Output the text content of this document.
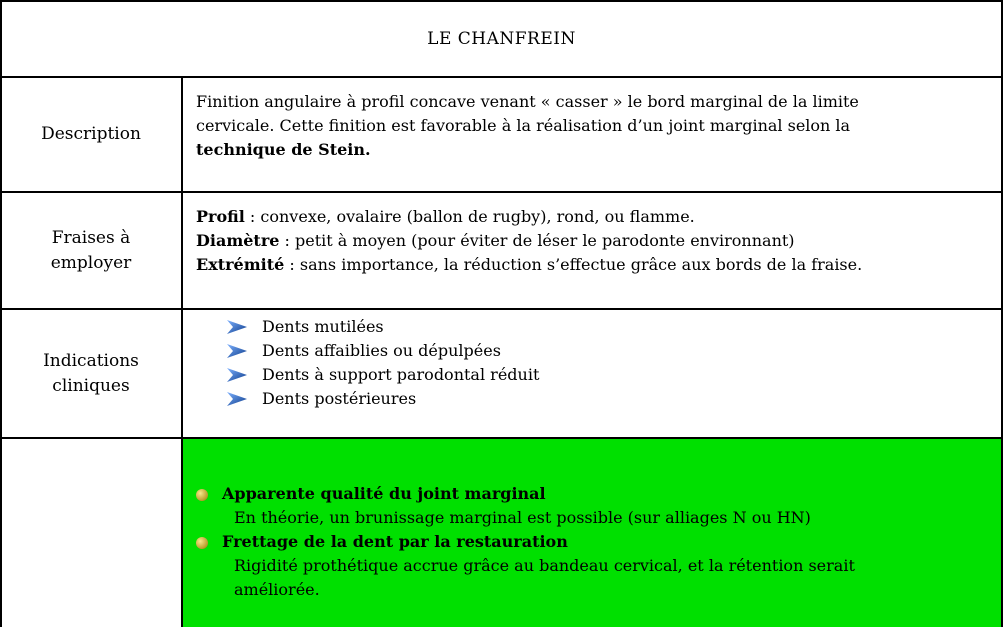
LE CHANFREIN
Description
Finition angulaire à profil concave venant « casser » le bord marginal de la limite
cervicale. Cette finition est favorable à la réalisation d’un joint marginal selon la
technique de Stein.
Fraises à
employer
Profil : convexe, ovalaire (ballon de rugby), rond, ou flamme.
Diamètre : petit à moyen (pour éviter de léser le parodonte environnant)
Extrémité : sans importance, la réduction s’effectue grâce aux bords de la fraise.
Indications
cliniques
Dents mutilées
Dents affaiblies ou dépulpées
Dents à support parodontal réduit
Dents postérieures
Apparente qualité du joint marginal
En théorie, un brunissage marginal est possible (sur alliages N ou HN)
Frettage de la dent par la restauration
Rigidité prothétique accrue grâce au bandeau cervical, et la rétention serait
améliorée.
